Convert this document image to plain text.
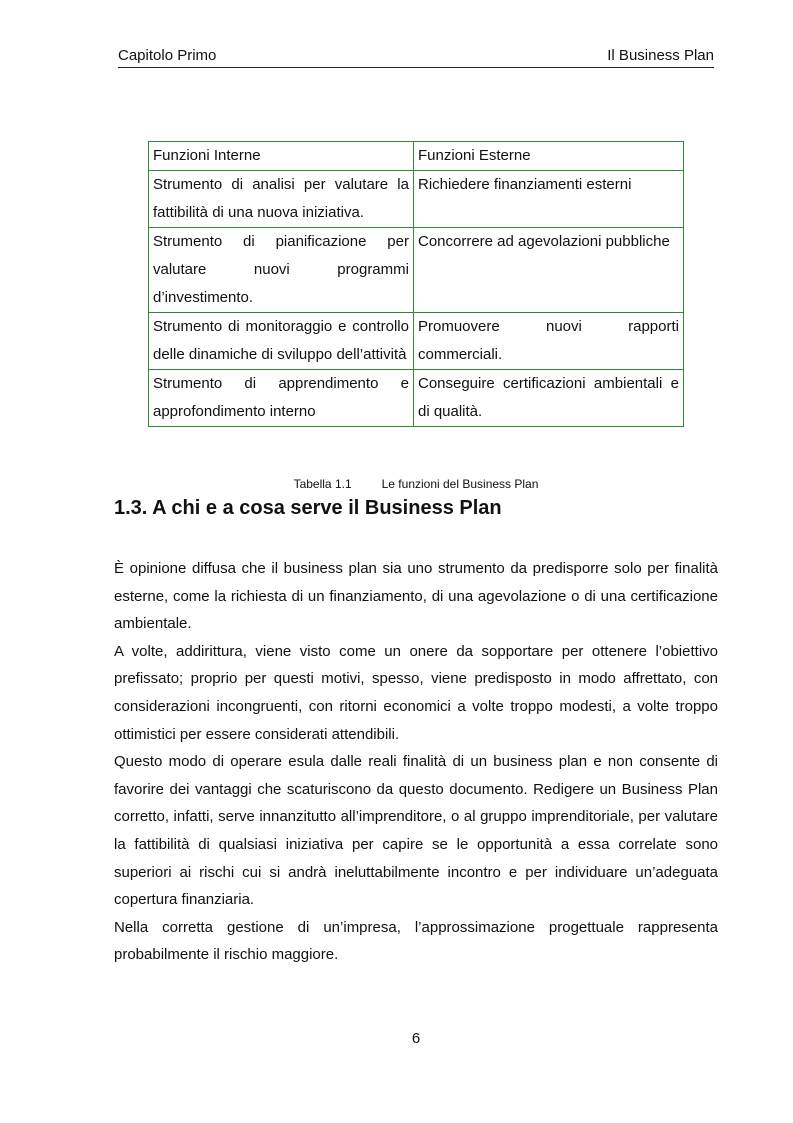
Capitolo Primo	Il Business Plan
Funzioni Interne	Funzioni Esterne
Strumento di analisi per valutare la fattibilità di una nuova iniziativa.	Richiedere finanziamenti esterni
Strumento di pianificazione per valutare nuovi programmi d’investimento.	Concorrere ad agevolazioni pubbliche
Strumento di monitoraggio e controllo delle dinamiche di sviluppo dell’attività	Promuovere nuovi rapporti commerciali.
Strumento di apprendimento e approfondimento interno	Conseguire certificazioni ambientali e di qualità.
Tabella 1.1	Le funzioni del Business Plan
1.3. A chi e a cosa serve il Business Plan

È opinione diffusa che il business plan sia uno strumento da predisporre solo per finalità esterne, come la richiesta di un finanziamento, di una agevolazione o di una certificazione ambientale.

A volte, addirittura, viene visto come un onere da sopportare per ottenere l’obiettivo prefissato; proprio per questi motivi, spesso, viene predisposto in modo affrettato, con considerazioni incongruenti, con ritorni economici a volte troppo modesti, a volte troppo ottimistici per essere considerati attendibili.

Questo modo di operare esula dalle reali finalità di un business plan e non consente di favorire dei vantaggi che scaturiscono da questo documento. Redigere un Business Plan corretto, infatti, serve innanzitutto all’imprenditore, o al gruppo imprenditoriale, per valutare la fattibilità di qualsiasi iniziativa per capire se le opportunità a essa correlate sono superiori ai rischi cui si andrà ineluttabilmente incontro e per individuare un’adeguata copertura finanziaria.

Nella corretta gestione di un’impresa, l’approssimazione progettuale rappresenta probabilmente il rischio maggiore.

6
